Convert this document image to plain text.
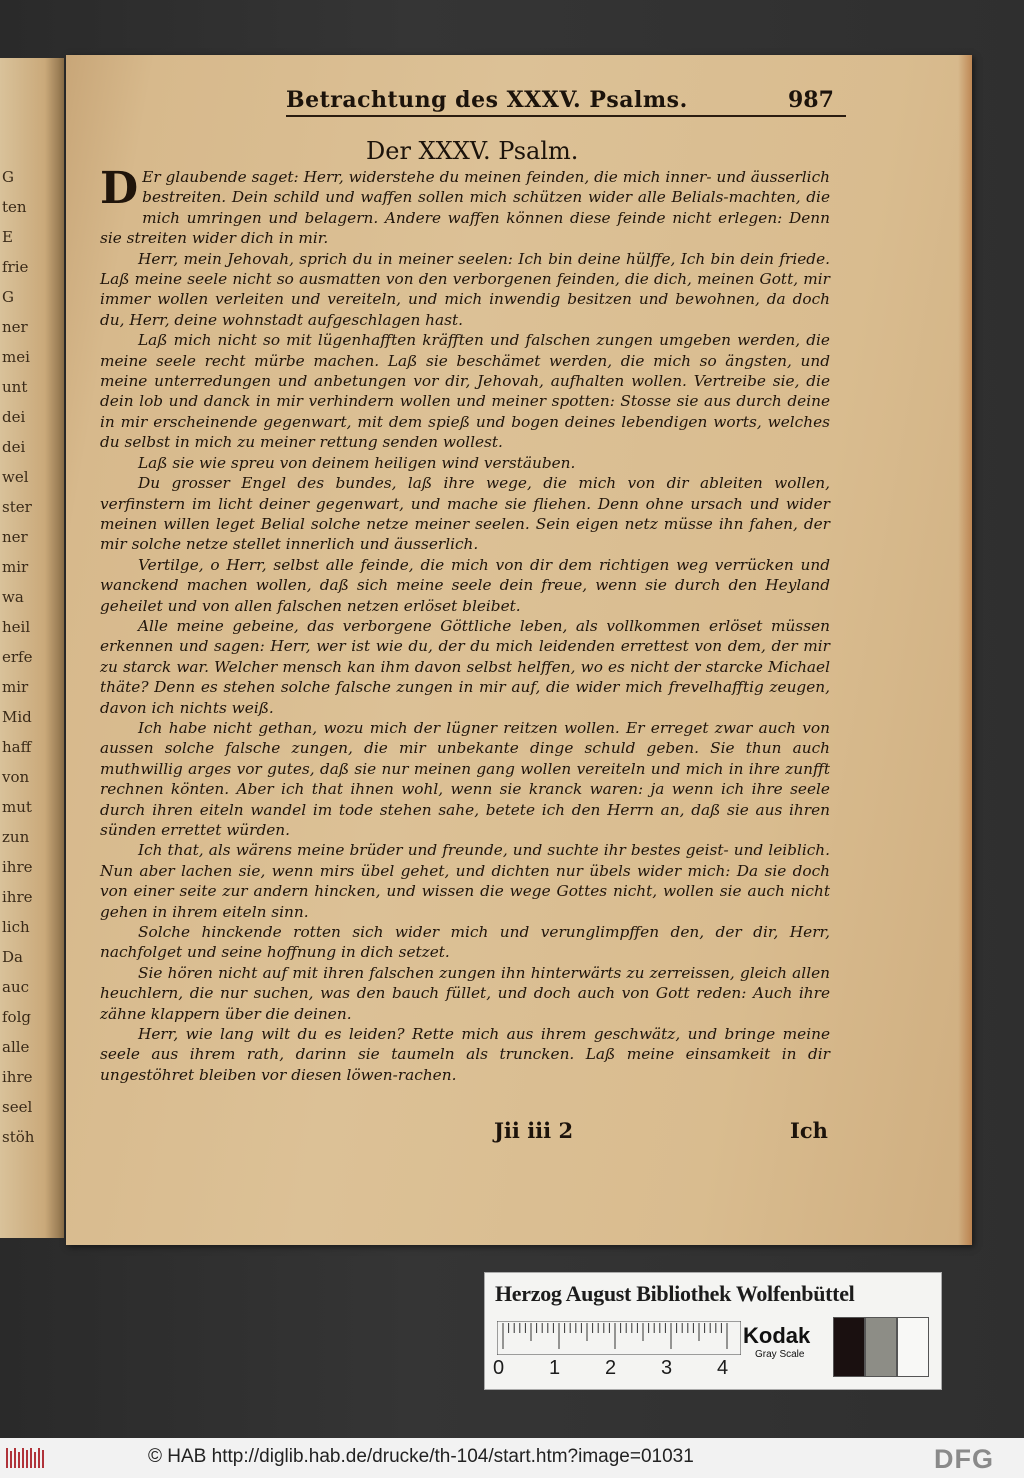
G
ten
E
frie
G
ner
mei
unt
dei
dei
wel
ster
ner
mir
wa
heil
erfe
mir
Mid
haff
von
mut
zun
ihre
ihre
lich
Da
auc
folg
alle
ihre
seel
stöh
Betrachtung des XXXV. Psalms.	987
Der XXXV. Psalm.

D Er glaubende saget: Herr, widerstehe du meinen feinden, die mich inner- und äusserlich bestreiten. Dein schild und waffen sollen mich schützen wider alle Belials-machten, die mich umringen und belagern. Andere waffen können diese feinde nicht erlegen: Denn sie streiten wider dich in mir.

Herr, mein Jehovah, sprich du in meiner seelen: Ich bin deine hülffe, Ich bin dein friede. Laß meine seele nicht so ausmatten von den verborgenen feinden, die dich, meinen Gott, mir immer wollen verleiten und vereiteln, und mich inwendig besitzen und bewohnen, da doch du, Herr, deine wohnstadt aufgeschlagen hast.

Laß mich nicht so mit lügenhafften kräfften und falschen zungen umgeben werden, die meine seele recht mürbe machen. Laß sie beschämet werden, die mich so ängsten, und meine unterredungen und anbetungen vor dir, Jehovah, aufhalten wollen. Vertreibe sie, die dein lob und danck in mir verhindern wollen und meiner spotten: Stosse sie aus durch deine in mir erscheinende gegenwart, mit dem spieß und bogen deines lebendigen worts, welches du selbst in mich zu meiner rettung senden wollest.

Laß sie wie spreu von deinem heiligen wind verstäuben.

Du grosser Engel des bundes, laß ihre wege, die mich von dir ableiten wollen, verfinstern im licht deiner gegenwart, und mache sie fliehen. Denn ohne ursach und wider meinen willen leget Belial solche netze meiner seelen. Sein eigen netz müsse ihn fahen, der mir solche netze stellet innerlich und äusserlich.

Vertilge, o Herr, selbst alle feinde, die mich von dir dem richtigen weg verrücken und wanckend machen wollen, daß sich meine seele dein freue, wenn sie durch den Heyland geheilet und von allen falschen netzen erlöset bleibet.

Alle meine gebeine, das verborgene Göttliche leben, als vollkommen erlöset müssen erkennen und sagen: Herr, wer ist wie du, der du mich leidenden errettest von dem, der mir zu starck war. Welcher mensch kan ihm davon selbst helffen, wo es nicht der starcke Michael thäte? Denn es stehen solche falsche zungen in mir auf, die wider mich frevelhafftig zeugen, davon ich nichts weiß.

Ich habe nicht gethan, wozu mich der lügner reitzen wollen. Er erreget zwar auch von aussen solche falsche zungen, die mir unbekante dinge schuld geben. Sie thun auch muthwillig arges vor gutes, daß sie nur meinen gang wollen vereiteln und mich in ihre zunfft rechnen könten. Aber ich that ihnen wohl, wenn sie kranck waren: ja wenn ich ihre seele durch ihren eiteln wandel im tode stehen sahe, betete ich den Herrn an, daß sie aus ihren sünden errettet würden.

Ich that, als wärens meine brüder und freunde, und suchte ihr bestes geist- und leiblich. Nun aber lachen sie, wenn mirs übel gehet, und dichten nur übels wider mich: Da sie doch von einer seite zur andern hincken, und wissen die wege Gottes nicht, wollen sie auch nicht gehen in ihrem eiteln sinn.

Solche hinckende rotten sich wider mich und verunglimpffen den, der dir, Herr, nachfolget und seine hoffnung in dich setzet.

Sie hören nicht auf mit ihren falschen zungen ihn hinterwärts zu zerreissen, gleich allen heuchlern, die nur suchen, was den bauch füllet, und doch auch von Gott reden: Auch ihre zähne klappern über die deinen.

Herr, wie lang wilt du es leiden? Rette mich aus ihrem geschwätz, und bringe meine seele aus ihrem rath, darinn sie taumeln als truncken. Laß meine einsamkeit in dir ungestöhret bleiben vor diesen löwen-rachen.

Jii iii 2	Ich
Herzog August Bibliothek Wolfenbüttel
0 1 2 3 4
Kodak
Gray Scale
© HAB http://diglib.hab.de/drucke/th-104/start.htm?image=01031	DFG
